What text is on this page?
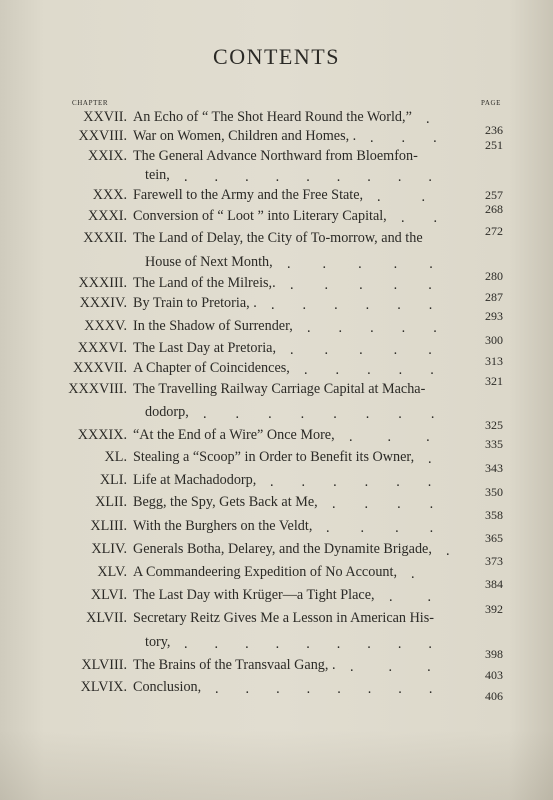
CONTENTS
CHAPTER	PAGE
XXVII. An Echo of “ The Shot Heard Round the World,”
236
XXVIII. War on Women, Children and Homes, .
251
XXIX. The General Advance Northward from Bloemfon-
tein,
257
XXX. Farewell to the Army and the Free State,
268
XXXI. Conversion of “ Loot ” into Literary Capital,
272
XXXII. The Land of Delay, the City of To-morrow, and the
House of Next Month,
280
XXXIII. The Land of the Milreis,.
287
XXXIV. By Train to Pretoria, .
293
XXXV. In the Shadow of Surrender,
300
XXXVI. The Last Day at Pretoria,
313
XXXVII. A Chapter of Coincidences,
321
XXXVIII. The Travelling Railway Carriage Capital at Macha-
dodorp,
325
XXXIX. “At the End of a Wire” Once More,
335
XL. Stealing a “Scoop” in Order to Benefit its Owner,
343
XLI. Life at Machadodorp,
350
XLII. Begg, the Spy, Gets Back at Me,
358
XLIII. With the Burghers on the Veldt,
365
XLIV. Generals Botha, Delarey, and the Dynamite Brigade,
373
XLV. A Commandeering Expedition of No Account,
384
XLVI. The Last Day with Krüger—a Tight Place,
392
XLVII. Secretary Reitz Gives Me a Lesson in American His-
tory,
398
XLVIII. The Brains of the Transvaal Gang, .
403
XLVIX. Conclusion,
406
.
...
.........
..
..
.....
.....
......
.....
.....
.....
........
...
.
......
....
....
.
.
..
.........
...
........
